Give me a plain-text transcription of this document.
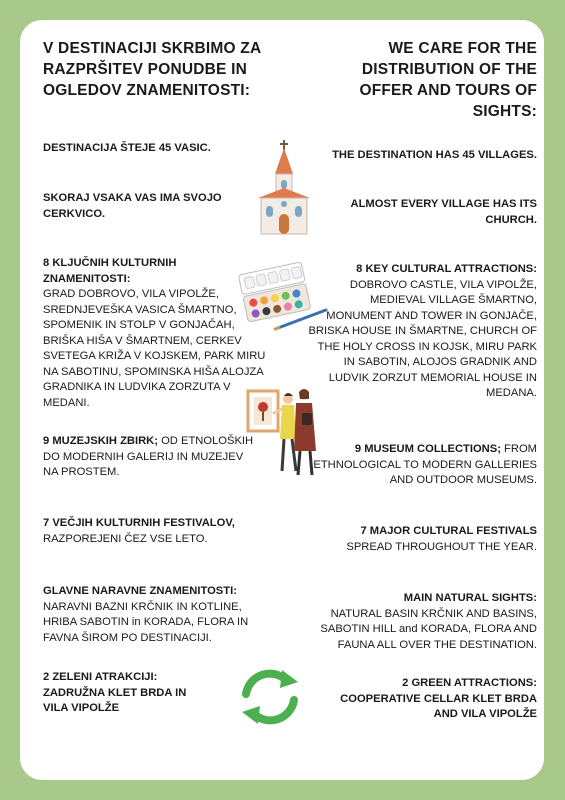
V DESTINACIJI SKRBIMO ZA RAZPRŠITEV PONUDBE IN OGLEDOV ZNAMENITOSTI:
WE CARE FOR THE DISTRIBUTION OF THE OFFER AND TOURS OF SIGHTS:
DESTINACIJA ŠTEJE 45 VASIC.
SKORAJ VSAKA VAS IMA SVOJO CERKVICO.
8 KLJUČNIH KULTURNIH ZNAMENITOSTI:
GRAD DOBROVO, VILA VIPOLŽE, SREDNJEVEŠKA VASICA ŠMARTNO, SPOMENIK IN STOLP V GONJAČAH, BRIŠKA HIŠA V ŠMARTNEM, CERKEV SVETEGA KRIŽA V KOJSKEM, PARK MIRU NA SABOTINU, SPOMINSKA HIŠA ALOJZA GRADNIKA IN LUDVIKA ZORZUTA V MEDANI.
9 MUZEJSKIH ZBIRK; OD ETNOLOŠKIH DO MODERNIH GALERIJ IN MUZEJEV NA PROSTEM.
7 VEČJIH KULTURNIH FESTIVALOV,
RAZPOREJENI ČEZ VSE LETO.
GLAVNE NARAVNE ZNAMENITOSTI:
NARAVNI BAZNI KRČNIK IN KOTLINE, HRIBA SABOTIN in KORADA, FLORA IN FAVNA ŠIROM PO DESTINACIJI.
2 ZELENI ATRAKCIJI:
ZADRUŽNA KLET BRDA IN VILA VIPOLŽE
THE DESTINATION HAS 45 VILLAGES.
ALMOST EVERY VILLAGE HAS ITS CHURCH.
8 KEY CULTURAL ATTRACTIONS:
DOBROVO CASTLE, VILA VIPOLŽE, MEDIEVAL VILLAGE ŠMARTNO, MONUMENT AND TOWER IN GONJAČE, BRISKA HOUSE IN ŠMARTNE, CHURCH OF THE HOLY CROSS IN KOJSK, MIRU PARK IN SABOTIN, ALOJOS GRADNIK AND LUDVIK ZORZUT MEMORIAL HOUSE IN MEDANA.
9 MUSEUM COLLECTIONS; FROM ETHNOLOGICAL TO MODERN GALLERIES AND OUTDOOR MUSEUMS.
7 MAJOR CULTURAL FESTIVALS
SPREAD THROUGHOUT THE YEAR.
MAIN NATURAL SIGHTS:
NATURAL BASIN KRČNIK AND BASINS, SABOTIN HILL and KORADA, FLORA AND FAUNA ALL OVER THE DESTINATION.
2 GREEN ATTRACTIONS:
COOPERATIVE CELLAR KLET BRDA AND VILA VIPOLŽE
